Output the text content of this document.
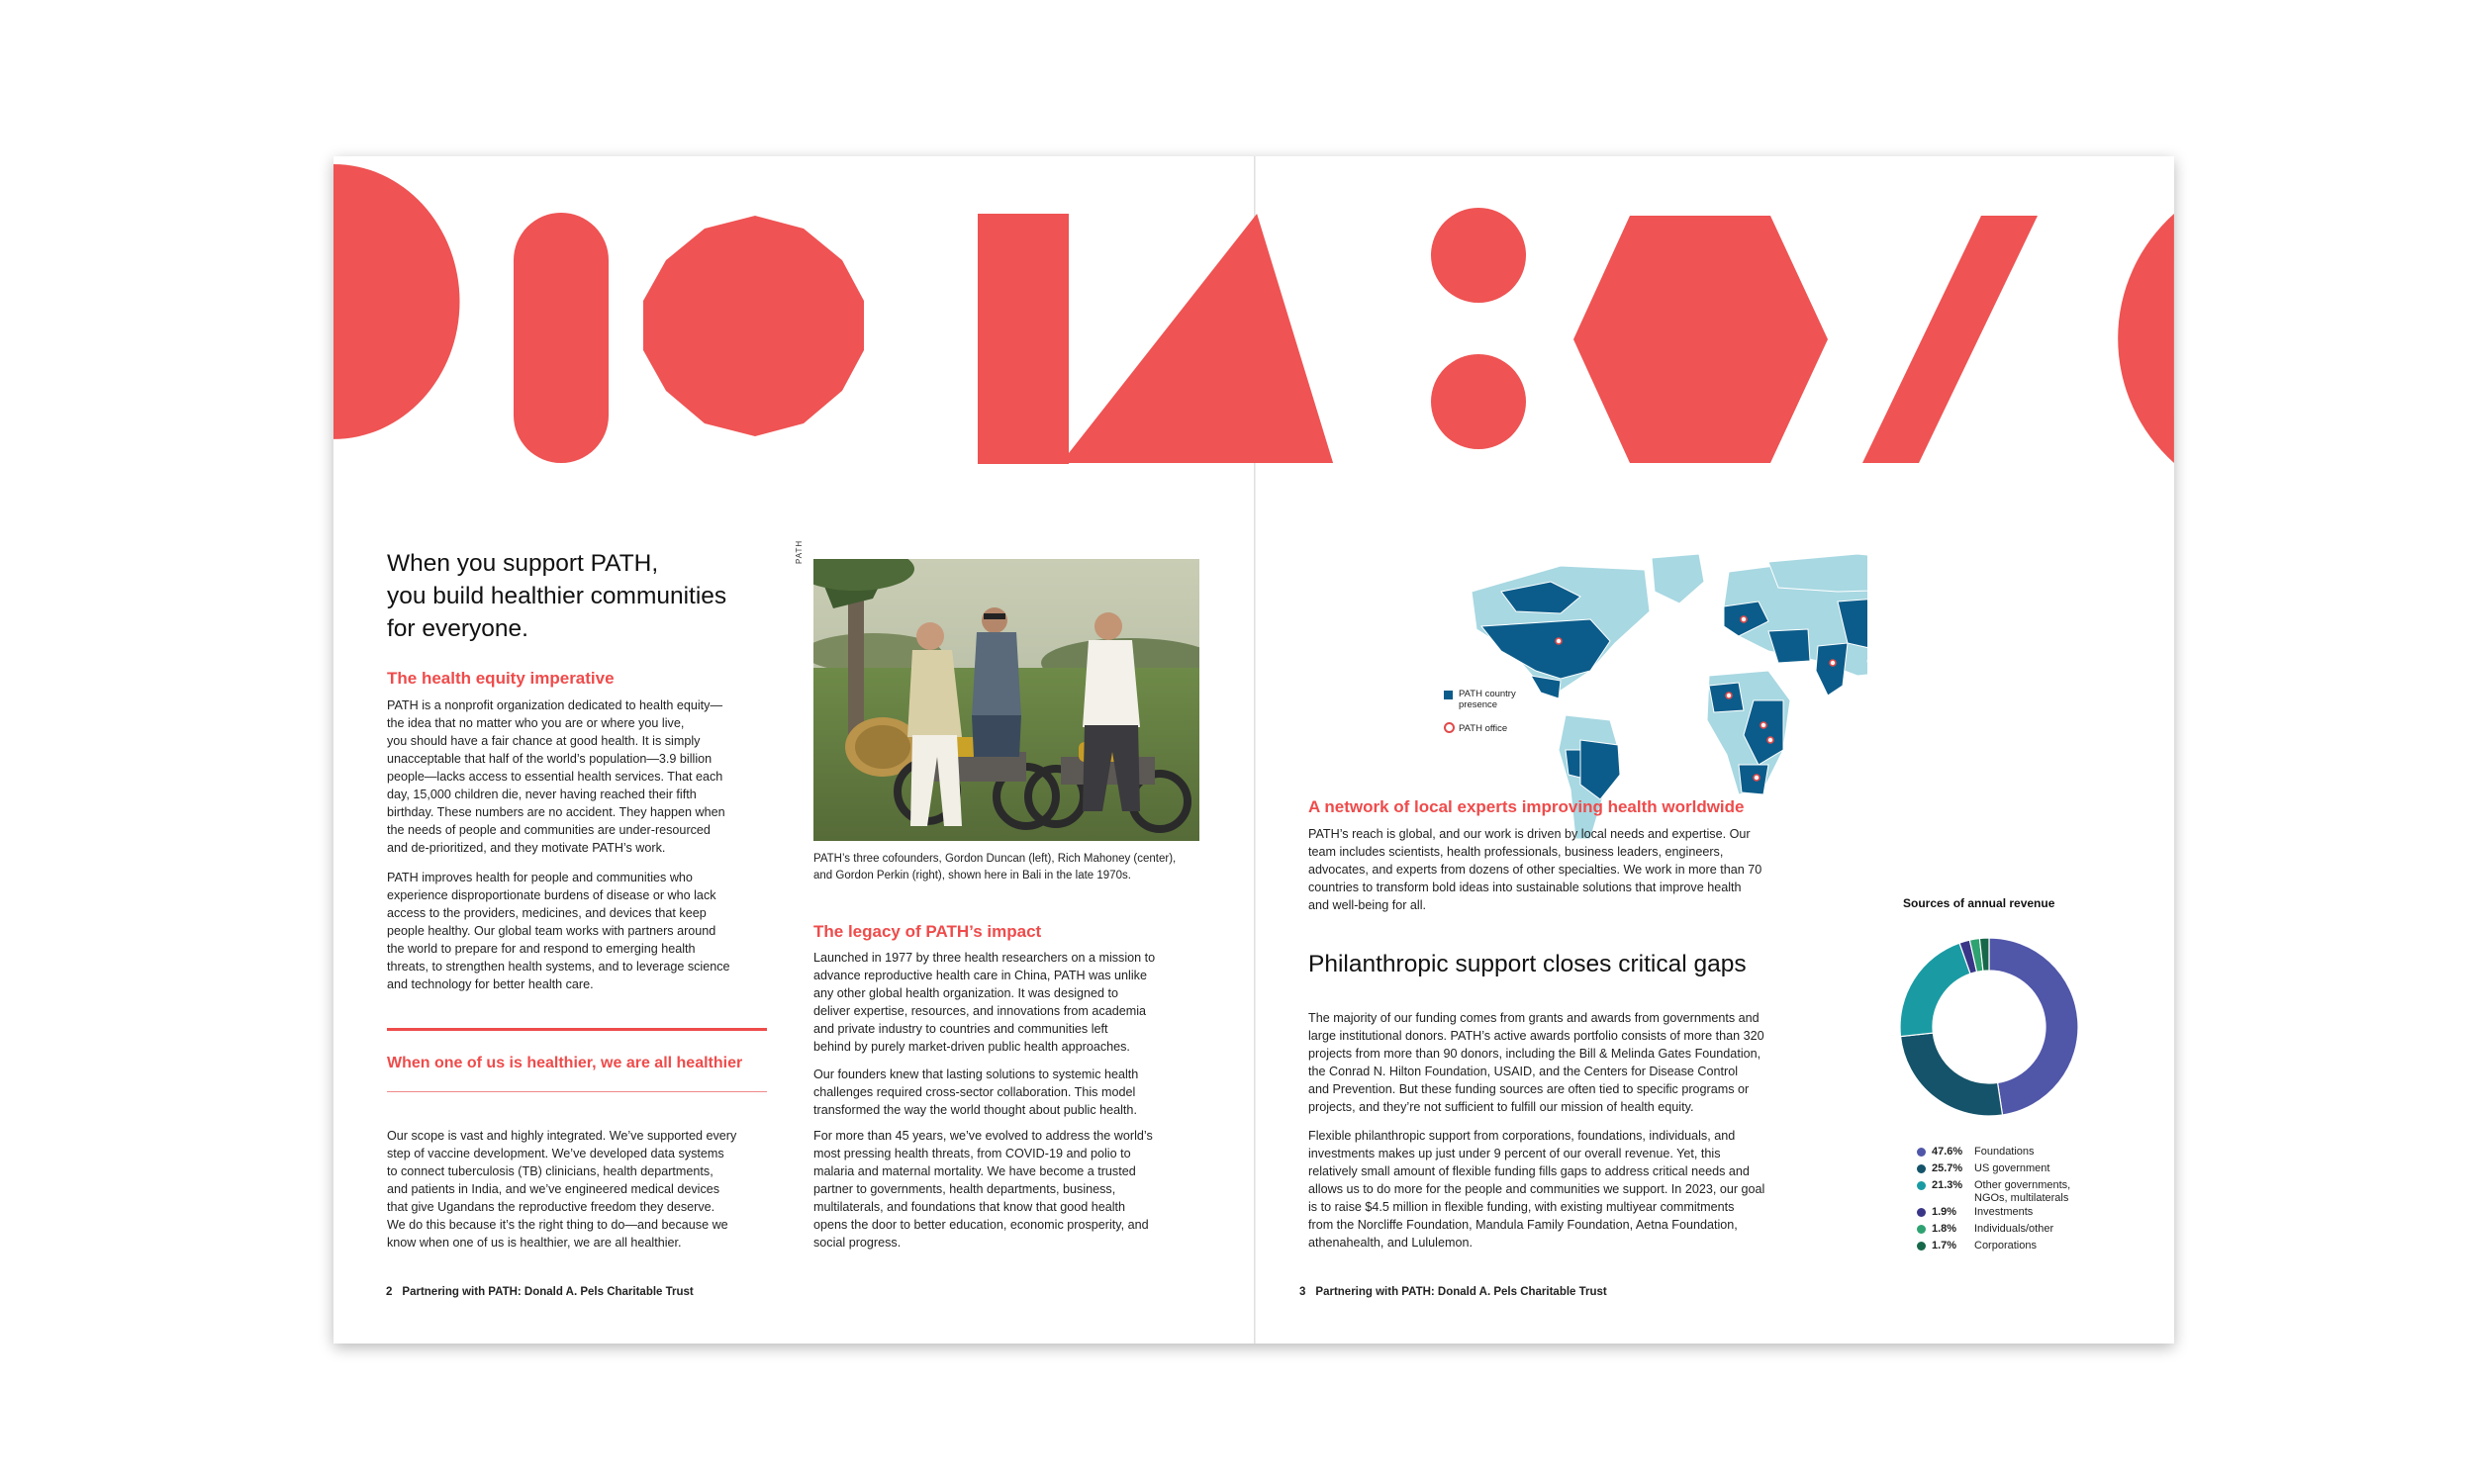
When you support PATH,
you build healthier communities
for everyone.
The health equity imperative
PATH is a nonprofit organization dedicated to health equity—
the idea that no matter who you are or where you live,
you should have a fair chance at good health. It is simply
unacceptable that half of the world’s population—3.9 billion
people—lacks access to essential health services. That each
day, 15,000 children die, never having reached their fifth
birthday. These numbers are no accident. They happen when
the needs of people and communities are under-resourced
and de-prioritized, and they motivate PATH’s work.
PATH improves health for people and communities who
experience disproportionate burdens of disease or who lack
access to the providers, medicines, and devices that keep
people healthy. Our global team works with partners around
the world to prepare for and respond to emerging health
threats, to strengthen health systems, and to leverage science
and technology for better health care.
When one of us is healthier, we are all healthier
Our scope is vast and highly integrated. We’ve supported every
step of vaccine development. We’ve developed data systems
to connect tuberculosis (TB) clinicians, health departments,
and patients in India, and we’ve engineered medical devices
that give Ugandans the reproductive freedom they deserve.
We do this because it’s the right thing to do—and because we
know when one of us is healthier, we are all healthier.
PATH
PATH’s three cofounders, Gordon Duncan (left), Rich Mahoney (center),
and Gordon Perkin (right), shown here in Bali in the late 1970s.
The legacy of PATH’s impact
Launched in 1977 by three health researchers on a mission to
advance reproductive health care in China, PATH was unlike
any other global health organization. It was designed to
deliver expertise, resources, and innovations from academia
and private industry to countries and communities left
behind by purely market-driven public health approaches.
Our founders knew that lasting solutions to systemic health
challenges required cross-sector collaboration. This model
transformed the way the world thought about public health.
For more than 45 years, we’ve evolved to address the world’s
most pressing health threats, from COVID-19 and polio to
malaria and maternal mortality. We have become a trusted
partner to governments, health departments, business,
multilaterals, and foundations that know that good health
opens the door to better education, economic prosperity, and
social progress.
2 Partnering with PATH: Donald A. Pels Charitable Trust
PATH country
presence
PATH office
A network of local experts improving health worldwide
PATH’s reach is global, and our work is driven by local needs and expertise. Our
team includes scientists, health professionals, business leaders, engineers,
advocates, and experts from dozens of other specialties. We work in more than 70
countries to transform bold ideas into sustainable solutions that improve health
and well-being for all.
Philanthropic support closes critical gaps
The majority of our funding comes from grants and awards from governments and
large institutional donors. PATH’s active awards portfolio consists of more than 320
projects from more than 90 donors, including the Bill & Melinda Gates Foundation,
the Conrad N. Hilton Foundation, USAID, and the Centers for Disease Control
and Prevention. But these funding sources are often tied to specific programs or
projects, and they’re not sufficient to fulfill our mission of health equity.
Flexible philanthropic support from corporations, foundations, individuals, and
investments makes up just under 9 percent of our overall revenue. Yet, this
relatively small amount of flexible funding fills gaps to address critical needs and
allows us to do more for the people and communities we support. In 2023, our goal
is to raise $4.5 million in flexible funding, with existing multiyear commitments
from the Norcliffe Foundation, Mandula Family Foundation, Aetna Foundation,
athenahealth, and Lululemon.
Sources of annual revenue
47.6%	Foundations
25.7%	US government
21.3%	Other governments,
NGOs, multilaterals
1.9%	Investments
1.8%	Individuals/other
1.7%	Corporations
3 Partnering with PATH: Donald A. Pels Charitable Trust
